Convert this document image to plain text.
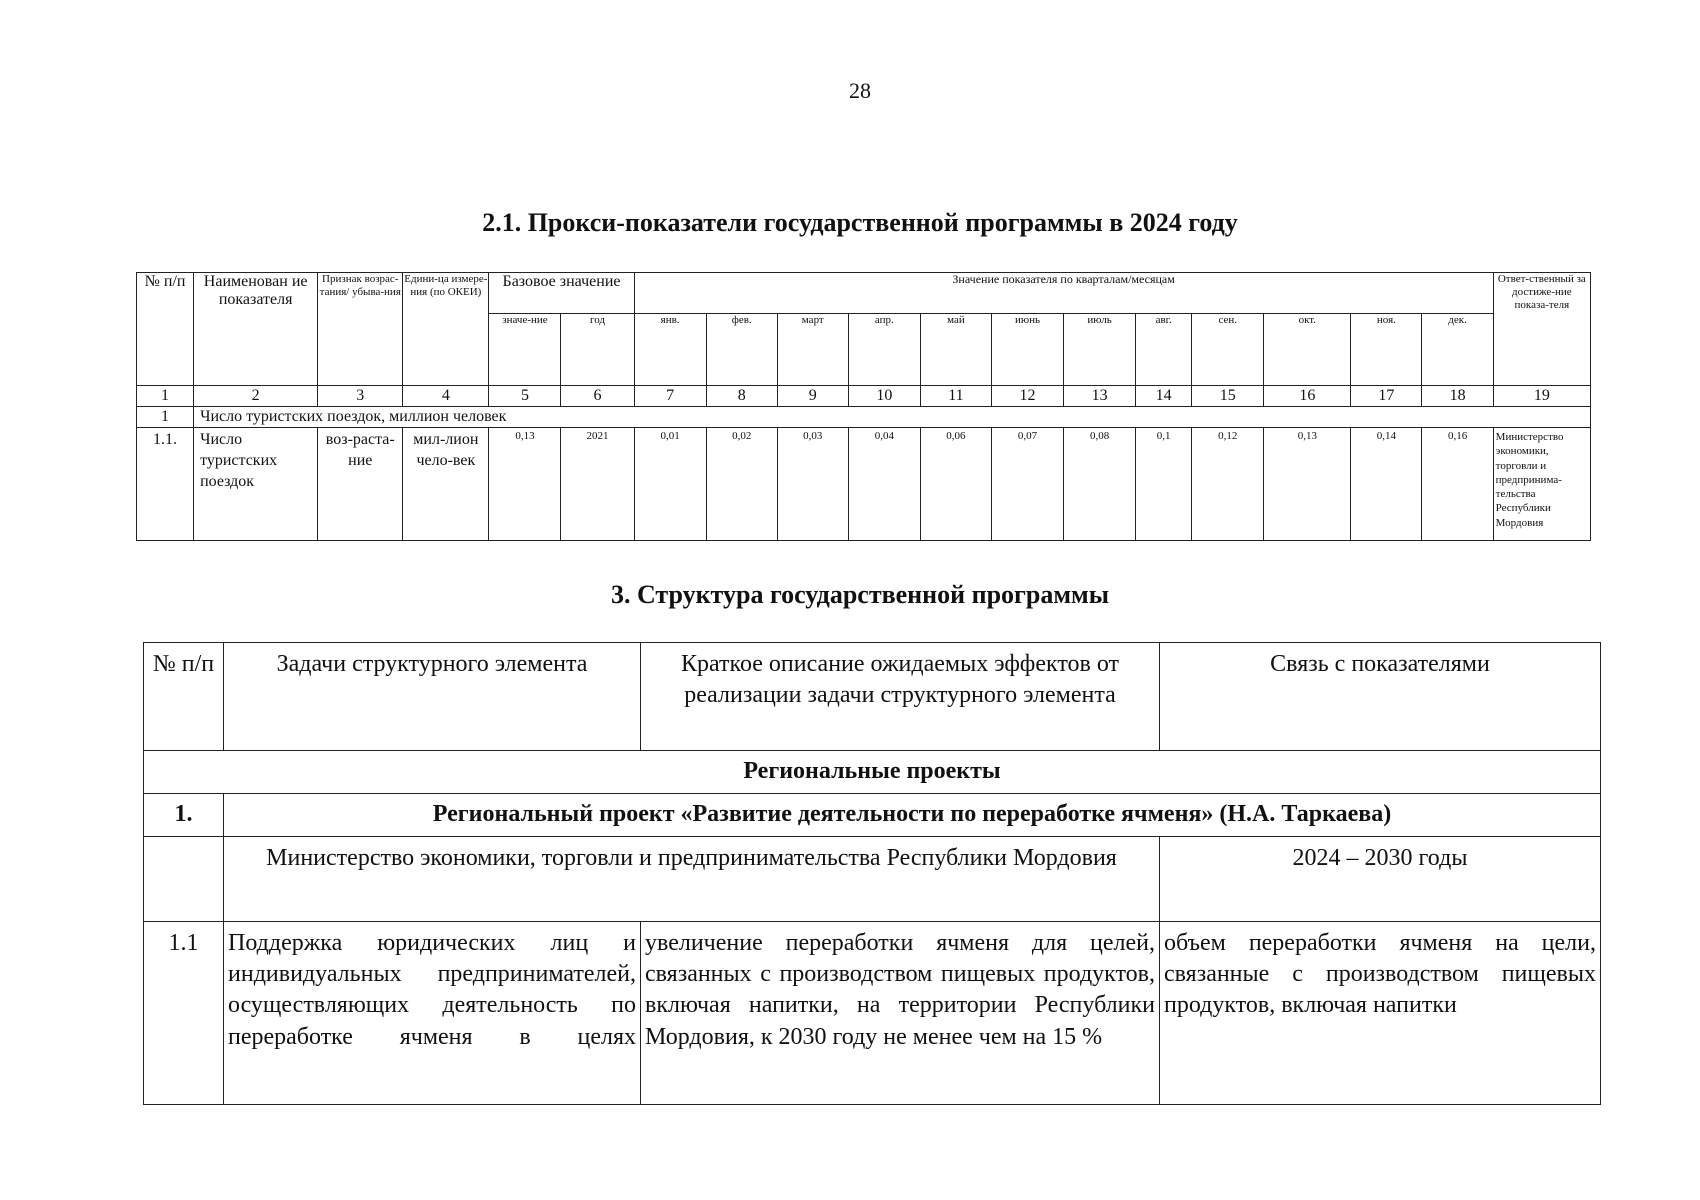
28
2.1. Прокси-показатели государственной программы в 2024 году
№ п/п	Наименован ие показателя	Признак возрас-тания/ убыва-ния	Едини-ца измере-ния (по ОКЕИ)	Базовое значение		Значение показателя по кварталам/месяцам												Ответ-ственный за достиже-ние показа-теля
				значе-ние	год	янв.	фев.	март	апр.	май	июнь	июль	авг.	сен.	окт.	ноя.	дек.	
1	2	3	4	5	6	7	8	9	10	11	12	13	14	15	16	17	18	19
1	Число туристских поездок, миллион человек																	
1.1.	Число туристских поездок	воз-раста-ние	мил-лион чело-век	0,13	2021	0,01	0,02	0,03	0,04	0,06	0,07	0,08	0,1	0,12	0,13	0,14	0,16	Министерство экономики, торговли и предпринима-тельства Республики Мордовия
3. Структура государственной программы
№ п/п	Задачи структурного элемента	Краткое описание ожидаемых эффектов от реализации задачи структурного элемента	Связь с показателями
Региональные проекты			
1.	Региональный проект «Развитие деятельности по переработке ячменя» (Н.А. Таркаева)		
	Министерство экономики, торговли и предпринимательства Республики Мордовия		2024 – 2030 годы
1.1	Поддержка юридических лиц и индивидуальных предпринимателей, осуществляющих деятельность по переработке ячменя в целях	увеличение переработки ячменя для целей, связанных с производством пищевых продуктов, включая напитки, на территории Республики Мордовия, к 2030 году не менее чем на 15 %	объем переработки ячменя на цели, связанные с производством пищевых продуктов, включая напитки
